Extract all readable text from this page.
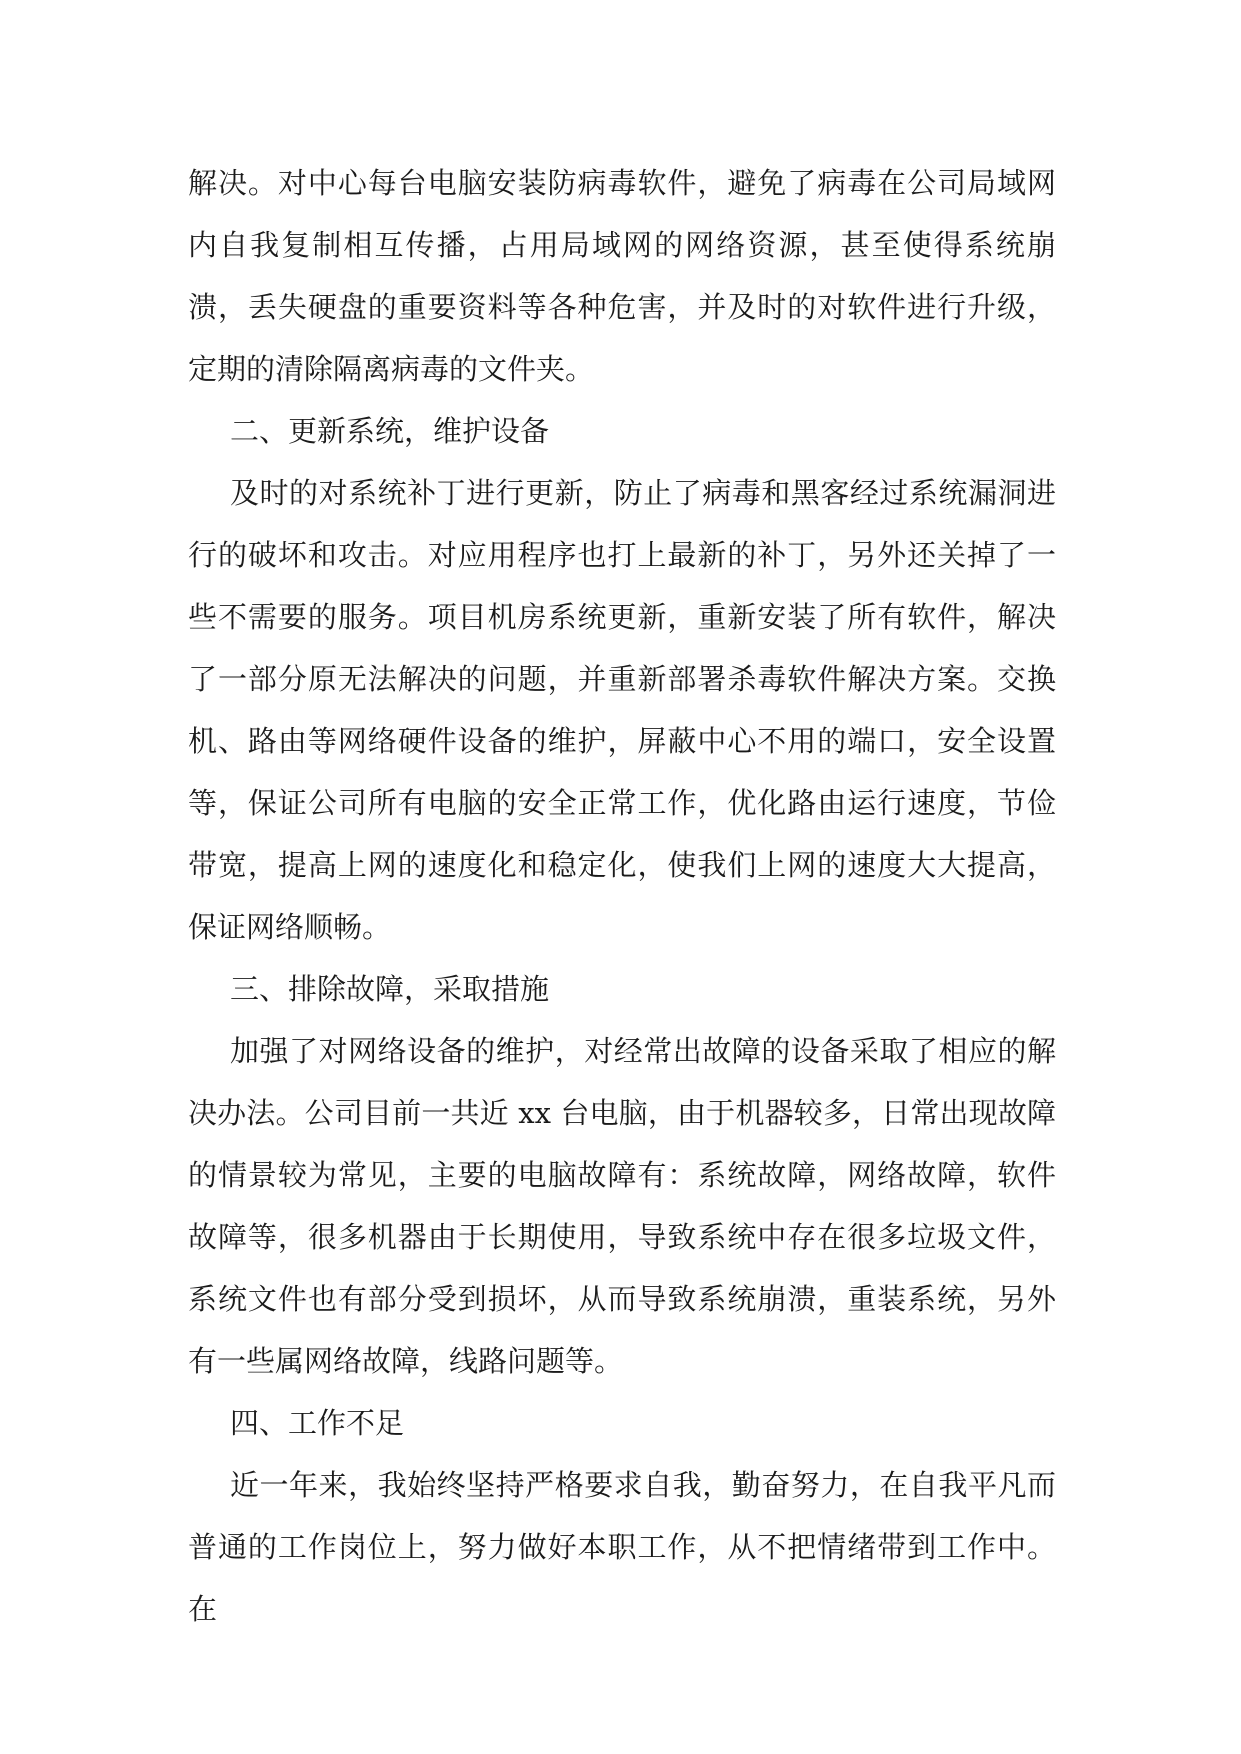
解决。对中心每台电脑安装防病毒软件，避免了病毒在公司局域网内自我复制相互传播，占用局域网的网络资源，甚至使得系统崩溃，丢失硬盘的重要资料等各种危害，并及时的对软件进行升级，定期的清除隔离病毒的文件夹。

二、更新系统，维护设备

及时的对系统补丁进行更新，防止了病毒和黑客经过系统漏洞进行的破坏和攻击。对应用程序也打上最新的补丁，另外还关掉了一些不需要的服务。项目机房系统更新，重新安装了所有软件，解决了一部分原无法解决的问题，并重新部署杀毒软件解决方案。交换机、路由等网络硬件设备的维护，屏蔽中心不用的端口，安全设置等，保证公司所有电脑的安全正常工作，优化路由运行速度，节俭带宽，提高上网的速度化和稳定化，使我们上网的速度大大提高，保证网络顺畅。

三、排除故障，采取措施

加强了对网络设备的维护，对经常出故障的设备采取了相应的解决办法。公司目前一共近 xx 台电脑，由于机器较多，日常出现故障的情景较为常见，主要的电脑故障有：系统故障，网络故障，软件故障等，很多机器由于长期使用，导致系统中存在很多垃圾文件，系统文件也有部分受到损坏，从而导致系统崩溃，重装系统，另外有一些属网络故障，线路问题等。

四、工作不足

近一年来，我始终坚持严格要求自我，勤奋努力，在自我平凡而普通的工作岗位上，努力做好本职工作，从不把情绪带到工作中。在
